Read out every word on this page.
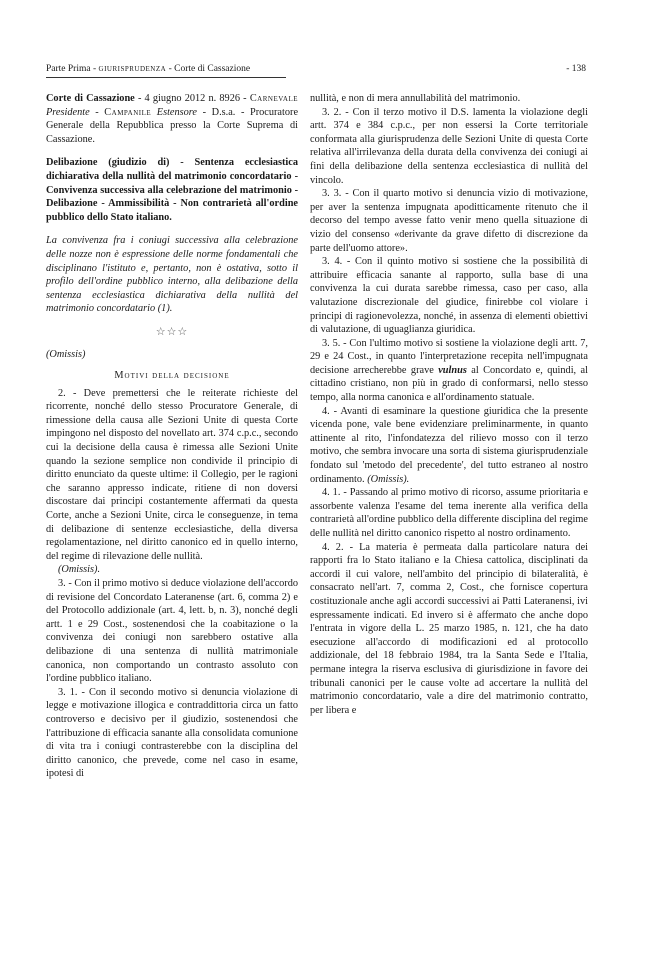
Parte Prima - giurisprudenza - Corte di Cassazione	- 138

Corte di Cassazione - 4 giugno 2012 n. 8926 - Carnevale Presidente - Campanile Estensore - D.s.a. - Procuratore Generale della Repubblica presso la Corte Suprema di Cassazione.

Delibazione (giudizio di) - Sentenza ecclesiastica dichiarativa della nullità del matrimonio concordatario - Convivenza successiva alla celebrazione del matrimonio - Delibazione - Ammissibilità - Non contrarietà all'ordine pubblico dello Stato italiano.

La convivenza fra i coniugi successiva alla celebrazione delle nozze non è espressione delle norme fondamentali che disciplinano l'istituto e, pertanto, non è ostativa, sotto il profilo dell'ordine pubblico interno, alla delibazione della sentenza ecclesiastica dichiarativa della nullità del matrimonio concordatario (1).

☆☆☆

(Omissis)

Motivi della decisione

2. - Deve premettersi che le reiterate richieste del ricorrente, nonché dello stesso Procuratore Generale, di rimessione della causa alle Sezioni Unite di questa Corte impingono nel disposto del novellato art. 374 c.p.c., secondo cui la decisione della causa è rimessa alle Sezioni Unite quando la sezione semplice non condivide il principio di diritto enunciato da queste ultime: il Collegio, per le ragioni che saranno appresso indicate, ritiene di non doversi discostare dai principi costantemente affermati da questa Corte, anche a Sezioni Unite, circa le conseguenze, in tema di delibazione di sentenze ecclesiastiche, della diversa regolamentazione, nel diritto canonico ed in quello interno, del regime di rilevazione delle nullità.

(Omissis).

3. - Con il primo motivo si deduce violazione dell'accordo di revisione del Concordato Lateranense (art. 6, comma 2) e del Protocollo addizionale (art. 4, lett. b, n. 3), nonché degli artt. 1 e 29 Cost., sostenendosi che la coabitazione o la convivenza dei coniugi non sarebbero ostative alla delibazione di una sentenza di nullità matrimoniale canonica, non comportando un contrasto assoluto con l'ordine pubblico italiano.

3. 1. - Con il secondo motivo si denuncia violazione di legge e motivazione illogica e contraddittoria circa un fatto controverso e decisivo per il giudizio, sostenendosi che l'attribuzione di efficacia sanante alla consolidata comunione di vita tra i coniugi contrasterebbe con la disciplina del diritto canonico, che prevede, come nel caso in esame, ipotesi di

nullità, e non di mera annullabilità del matrimonio.

3. 2. - Con il terzo motivo il D.S. lamenta la violazione degli artt. 374 e 384 c.p.c., per non essersi la Corte territoriale conformata alla giurisprudenza delle Sezioni Unite di questa Corte relativa all'irrilevanza della durata della convivenza dei coniugi ai fini della delibazione della sentenza ecclesiastica di nullità del vincolo.

3. 3. - Con il quarto motivo si denuncia vizio di motivazione, per aver la sentenza impugnata apoditticamente ritenuto che il decorso del tempo avesse fatto venir meno quella situazione di vizio del consenso «derivante da grave difetto di discrezione da parte dell'uomo attore».

3. 4. - Con il quinto motivo si sostiene che la possibilità di attribuire efficacia sanante al rapporto, sulla base di una convivenza la cui durata sarebbe rimessa, caso per caso, alla valutazione discrezionale del giudice, finirebbe col violare i principi di ragionevolezza, nonché, in assenza di elementi obiettivi di valutazione, di uguaglianza giuridica.

3. 5. - Con l'ultimo motivo si sostiene la violazione degli artt. 7, 29 e 24 Cost., in quanto l'interpretazione recepita nell'impugnata decisione arrecherebbe grave vulnus al Concordato e, quindi, al cittadino cristiano, non più in grado di conformarsi, nello stesso tempo, alla norma canonica e all'ordinamento statuale.

4. - Avanti di esaminare la questione giuridica che la presente vicenda pone, vale bene evidenziare preliminarmente, in quanto attinente al rito, l'infondatezza del rilievo mosso con il terzo motivo, che sembra invocare una sorta di sistema giurisprudenziale fondato sul 'metodo del precedente', del tutto estraneo al nostro ordinamento. (Omissis).

4. 1. - Passando al primo motivo di ricorso, assume prioritaria e assorbente valenza l'esame del tema inerente alla verifica della contrarietà all'ordine pubblico della differente disciplina del regime delle nullità nel diritto canonico rispetto al nostro ordinamento.

4. 2. - La materia è permeata dalla particolare natura dei rapporti fra lo Stato italiano e la Chiesa cattolica, disciplinati da accordi il cui valore, nell'ambito del principio di bilateralità, è consacrato nell'art. 7, comma 2, Cost., che fornisce copertura costituzionale anche agli accordi successivi ai Patti Lateranensi, ivi espressamente indicati. Ed invero si è affermato che anche dopo l'entrata in vigore della L. 25 marzo 1985, n. 121, che ha dato esecuzione all'accordo di modificazioni ed al protocollo addizionale, del 18 febbraio 1984, tra la Santa Sede e l'Italia, permane integra la riserva esclusiva di giurisdizione in favore dei tribunali canonici per le cause volte ad accertare la nullità del matrimonio concordatario, vale a dire del matrimonio contratto, per libera e
